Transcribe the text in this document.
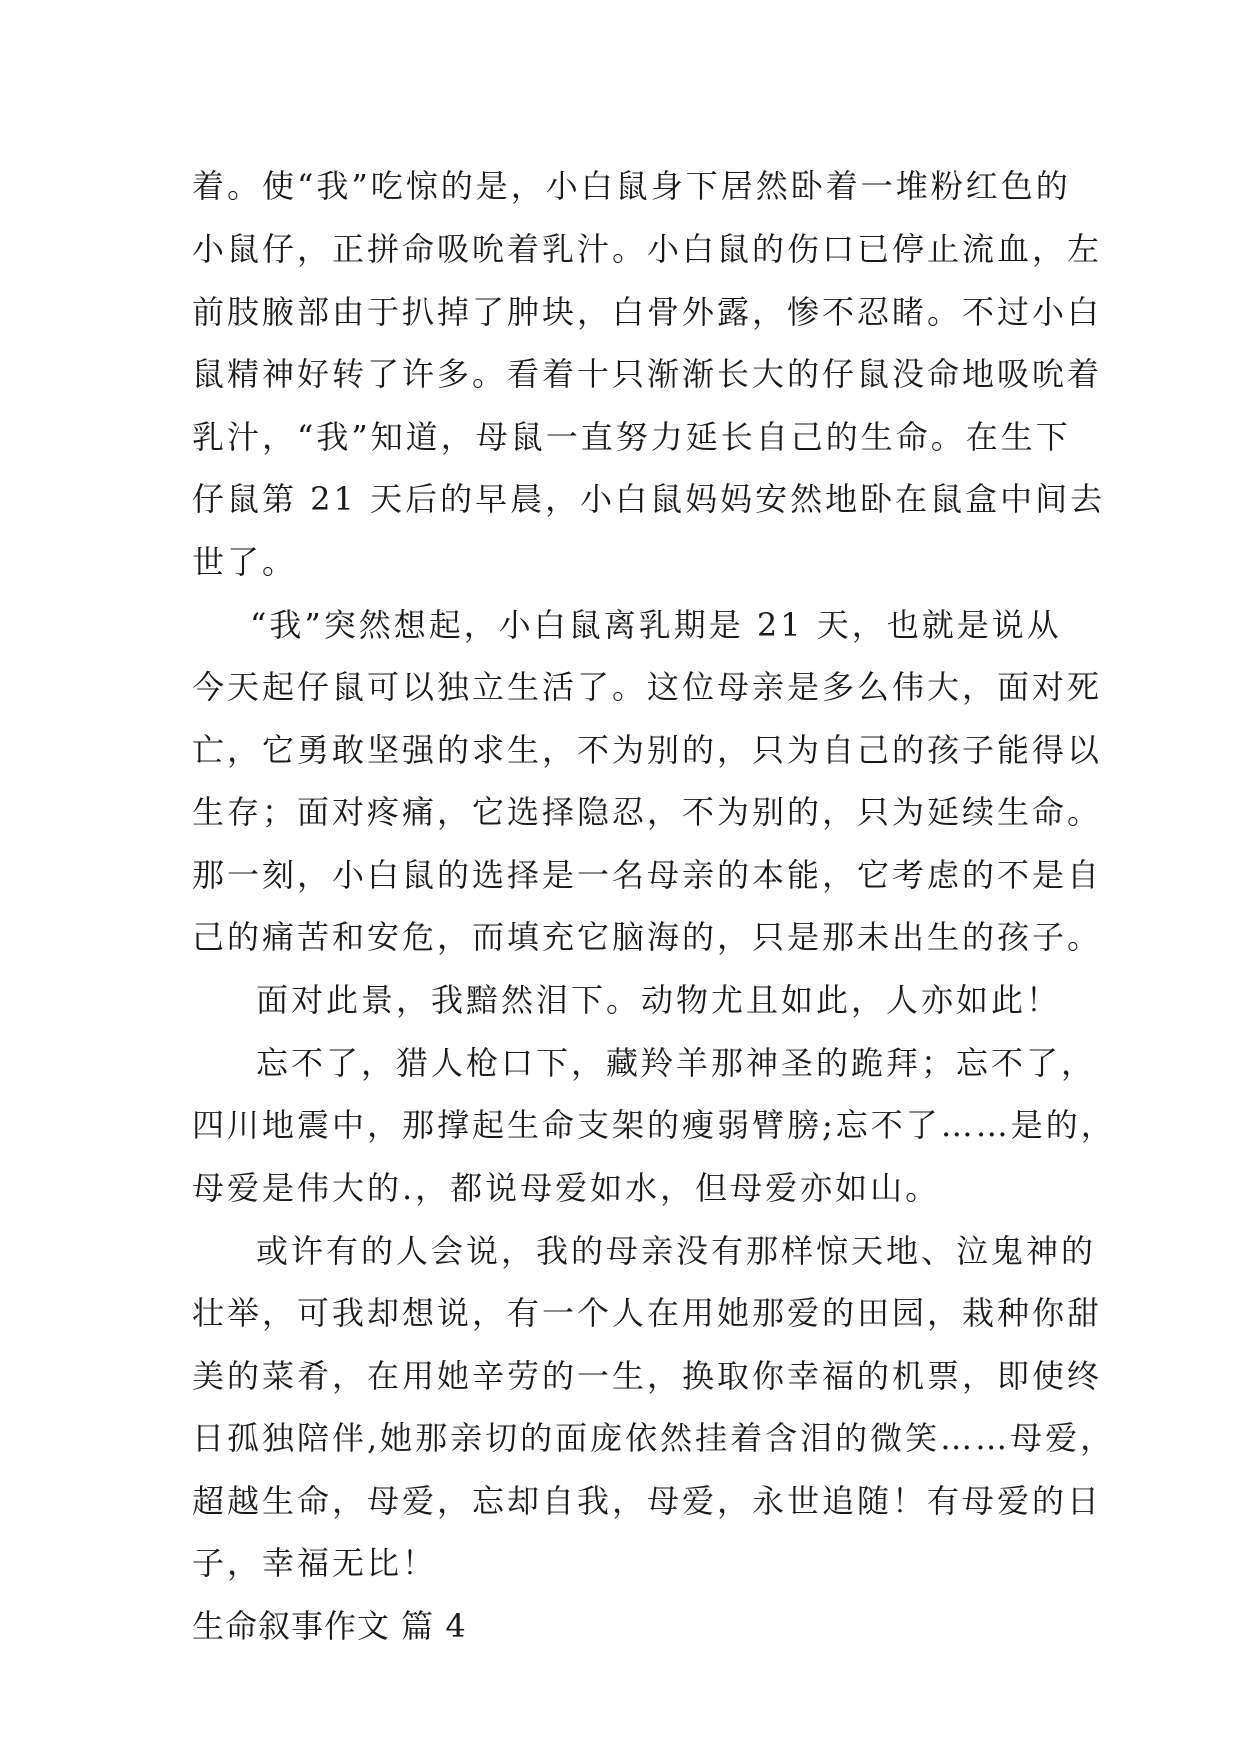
着。使“我”吃惊的是，小白鼠身下居然卧着一堆粉红色的
小鼠仔，正拼命吸吮着乳汁。小白鼠的伤口已停止流血，左
前肢腋部由于扒掉了肿块，白骨外露，惨不忍睹。不过小白
鼠精神好转了许多。看着十只渐渐长大的仔鼠没命地吸吮着
乳汁，“我”知道，母鼠一直努力延长自己的生命。在生下
仔鼠第 21 天后的早晨，小白鼠妈妈安然地卧在鼠盒中间去
世了。
“我”突然想起，小白鼠离乳期是 21 天，也就是说从
今天起仔鼠可以独立生活了。这位母亲是多么伟大，面对死
亡，它勇敢坚强的求生，不为别的，只为自己的孩子能得以
生存；面对疼痛，它选择隐忍，不为别的，只为延续生命。
那一刻，小白鼠的选择是一名母亲的本能，它考虑的不是自
己的痛苦和安危，而填充它脑海的，只是那未出生的孩子。
面对此景，我黯然泪下。动物尤且如此，人亦如此！
忘不了，猎人枪口下，藏羚羊那神圣的跪拜；忘不了，
四川地震中，那撑起生命支架的瘦弱臂膀;忘不了……是的，
母爱是伟大的.，都说母爱如水，但母爱亦如山。
或许有的人会说，我的母亲没有那样惊天地、泣鬼神的
壮举，可我却想说，有一个人在用她那爱的田园，栽种你甜
美的菜肴，在用她辛劳的一生，换取你幸福的机票，即使终
日孤独陪伴,她那亲切的面庞依然挂着含泪的微笑……母爱，
超越生命，母爱，忘却自我，母爱，永世追随！有母爱的日
子，幸福无比！
生命叙事作文 篇 4
